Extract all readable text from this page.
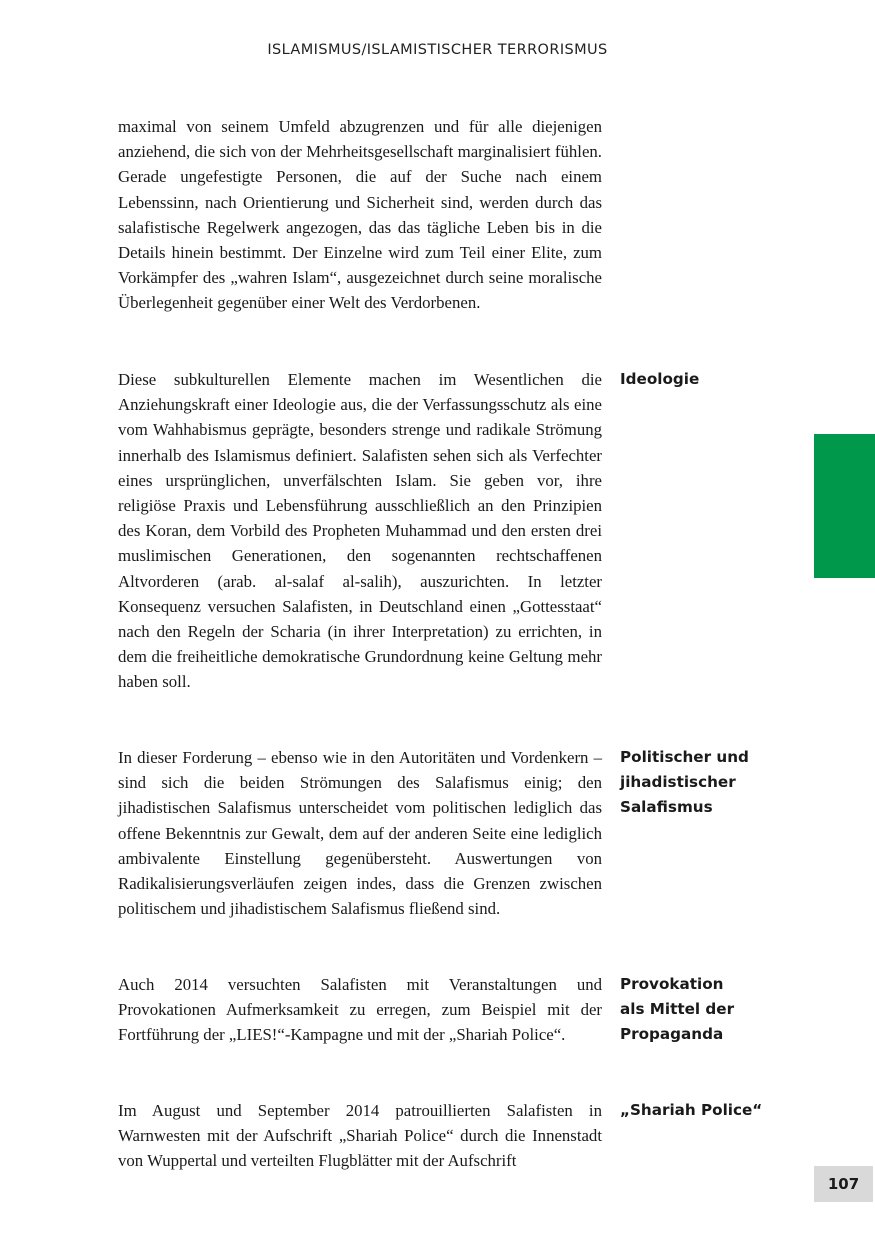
ISLAMISMUS/ISLAMISTISCHER TERRORISMUS

maximal von seinem Umfeld abzugrenzen und für alle diejenigen anziehend, die sich von der Mehrheitsgesellschaft marginalisiert fühlen. Gerade ungefestigte Personen, die auf der Suche nach einem Lebenssinn, nach Orientierung und Sicherheit sind, werden durch das salafistische Regelwerk angezogen, das das tägliche Leben bis in die Details hinein bestimmt. Der Einzelne wird zum Teil einer Elite, zum Vorkämpfer des „wahren Islam“, ausgezeichnet durch seine moralische Überlegenheit gegenüber einer Welt des Verdorbenen.

Diese subkulturellen Elemente machen im Wesentlichen die Anziehungskraft einer Ideologie aus, die der Verfassungsschutz als eine vom Wahhabismus geprägte, besonders strenge und radikale Strömung innerhalb des Islamismus definiert. Salafisten sehen sich als Verfechter eines ursprünglichen, unverfälschten Islam. Sie geben vor, ihre religiöse Praxis und Lebensführung ausschließlich an den Prinzipien des Koran, dem Vorbild des Propheten Muhammad und den ersten drei muslimischen Generationen, den sogenannten rechtschaffenen Altvorderen (arab. al-salaf al-salih), auszurichten. In letzter Konsequenz versuchen Salafisten, in Deutschland einen „Gottesstaat“ nach den Regeln der Scharia (in ihrer Interpretation) zu errichten, in dem die freiheitliche demokratische Grundordnung keine Geltung mehr haben soll.

In dieser Forderung – ebenso wie in den Autoritäten und Vordenkern – sind sich die beiden Strömungen des Salafismus einig; den jihadistischen Salafismus unterscheidet vom politischen lediglich das offene Bekenntnis zur Gewalt, dem auf der anderen Seite eine lediglich ambivalente Einstellung gegenübersteht. Auswertungen von Radikalisierungsverläufen zeigen indes, dass die Grenzen zwischen politischem und jihadistischem Salafismus fließend sind.

Auch 2014 versuchten Salafisten mit Veranstaltungen und Provokationen Aufmerksamkeit zu erregen, zum Beispiel mit der Fortführung der „LIES!“-Kampagne und mit der „Shariah Police“.

Im August und September 2014 patrouillierten Salafisten in Warnwesten mit der Aufschrift „Shariah Police“ durch die Innenstadt von Wuppertal und verteilten Flugblätter mit der Aufschrift

Ideologie
Politischer und
jihadistischer
Salafismus
Provokation
als Mittel der
Propaganda
„Shariah Police“
107
